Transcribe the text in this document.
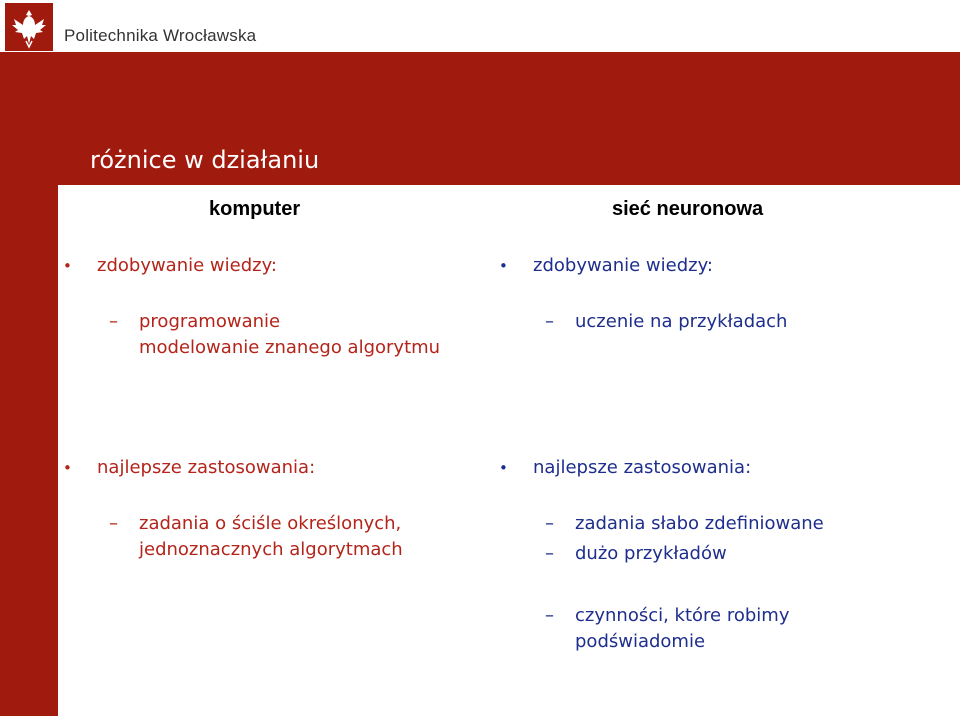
Politechnika Wrocławska
różnice w działaniu
komputer	sieć neuronowa
• zdobywanie wiedzy:
– programowanie
modelowanie znanego algorytmu
• najlepsze zastosowania:
– zadania o ściśle określonych,
jednoznacznych algorytmach
• zdobywanie wiedzy:
– uczenie na przykładach
• najlepsze zastosowania:
– zadania słabo zdefiniowane
– dużo przykładów
– czynności, które robimy
podświadomie
